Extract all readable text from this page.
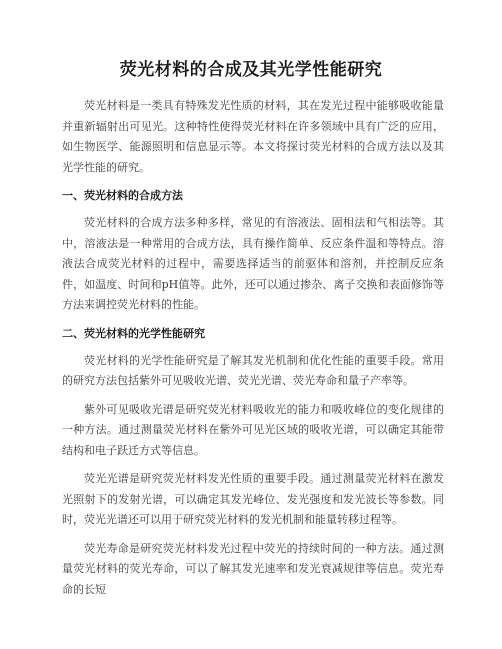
荧光材料的合成及其光学性能研究

荧光材料是一类具有特殊发光性质的材料，其在发光过程中能够吸收能量并重新辐射出可见光。这种特性使得荧光材料在许多领域中具有广泛的应用，如生物医学、能源照明和信息显示等。本文将探讨荧光材料的合成方法以及其光学性能的研究。

一、荧光材料的合成方法

荧光材料的合成方法多种多样，常见的有溶液法、固相法和气相法等。其中，溶液法是一种常用的合成方法，具有操作简单、反应条件温和等特点。溶液法合成荧光材料的过程中，需要选择适当的前驱体和溶剂，并控制反应条件，如温度、时间和pH值等。此外，还可以通过掺杂、离子交换和表面修饰等方法来调控荧光材料的性能。

二、荧光材料的光学性能研究

荧光材料的光学性能研究是了解其发光机制和优化性能的重要手段。常用的研究方法包括紫外可见吸收光谱、荧光光谱、荧光寿命和量子产率等。

紫外可见吸收光谱是研究荧光材料吸收光的能力和吸收峰位的变化规律的一种方法。通过测量荧光材料在紫外可见光区域的吸收光谱，可以确定其能带结构和电子跃迁方式等信息。

荧光光谱是研究荧光材料发光性质的重要手段。通过测量荧光材料在激发光照射下的发射光谱，可以确定其发光峰位、发光强度和发光波长等参数。同时，荧光光谱还可以用于研究荧光材料的发光机制和能量转移过程等。

荧光寿命是研究荧光材料发光过程中荧光的持续时间的一种方法。通过测量荧光材料的荧光寿命，可以了解其发光速率和发光衰减规律等信息。荧光寿命的长短
